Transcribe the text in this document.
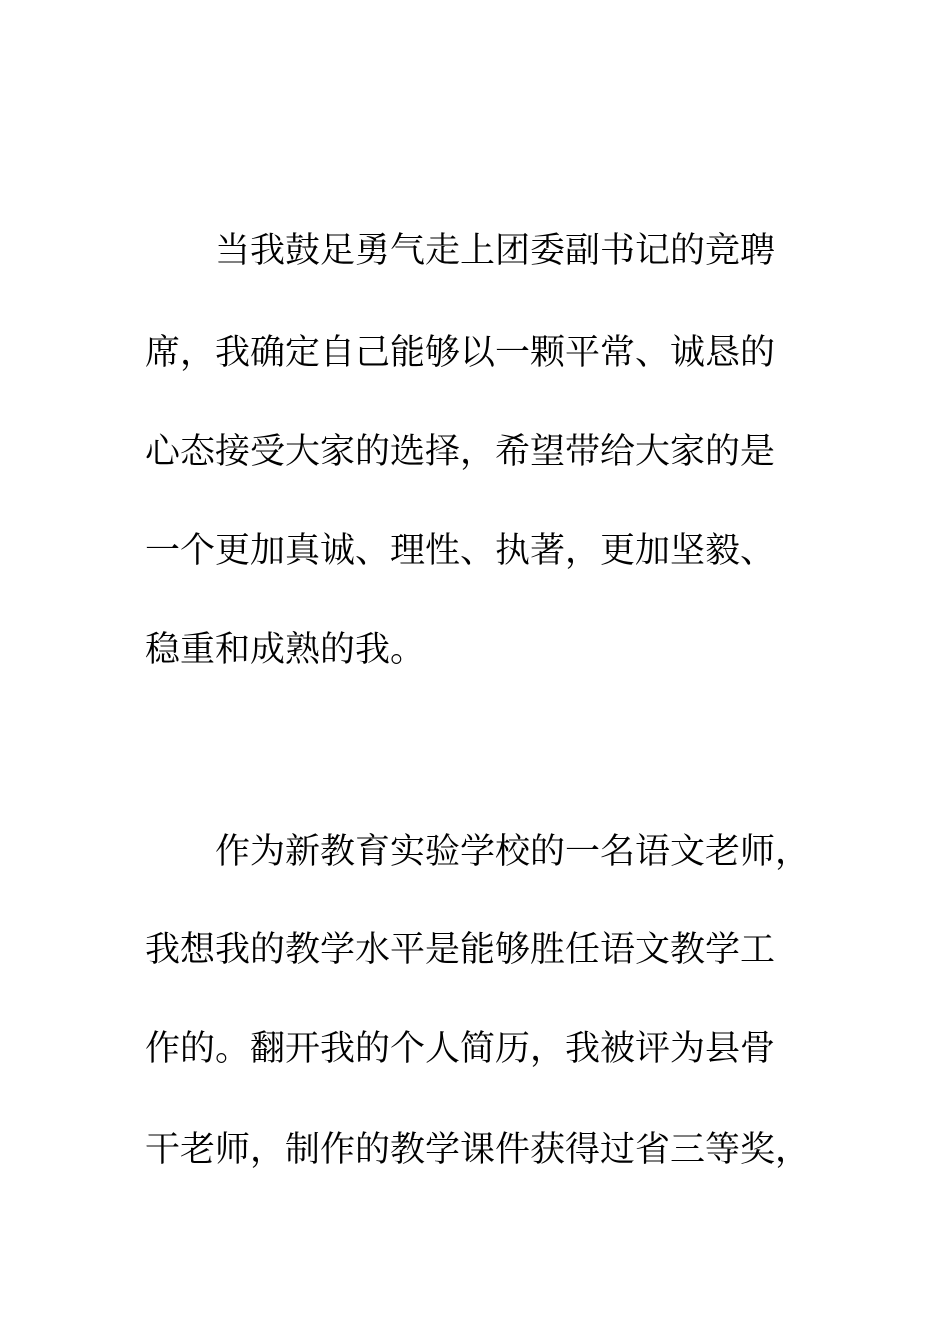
当我鼓足勇气走上团委副书记的竞聘
席，我确定自己能够以一颗平常、诚恳的
心态接受大家的选择，希望带给大家的是
一个更加真诚、理性、执著，更加坚毅、
稳重和成熟的我。
作为新教育实验学校的一名语文老师，
我想我的教学水平是能够胜任语文教学工
作的。翻开我的个人简历，我被评为县骨
干老师，制作的教学课件获得过省三等奖，
